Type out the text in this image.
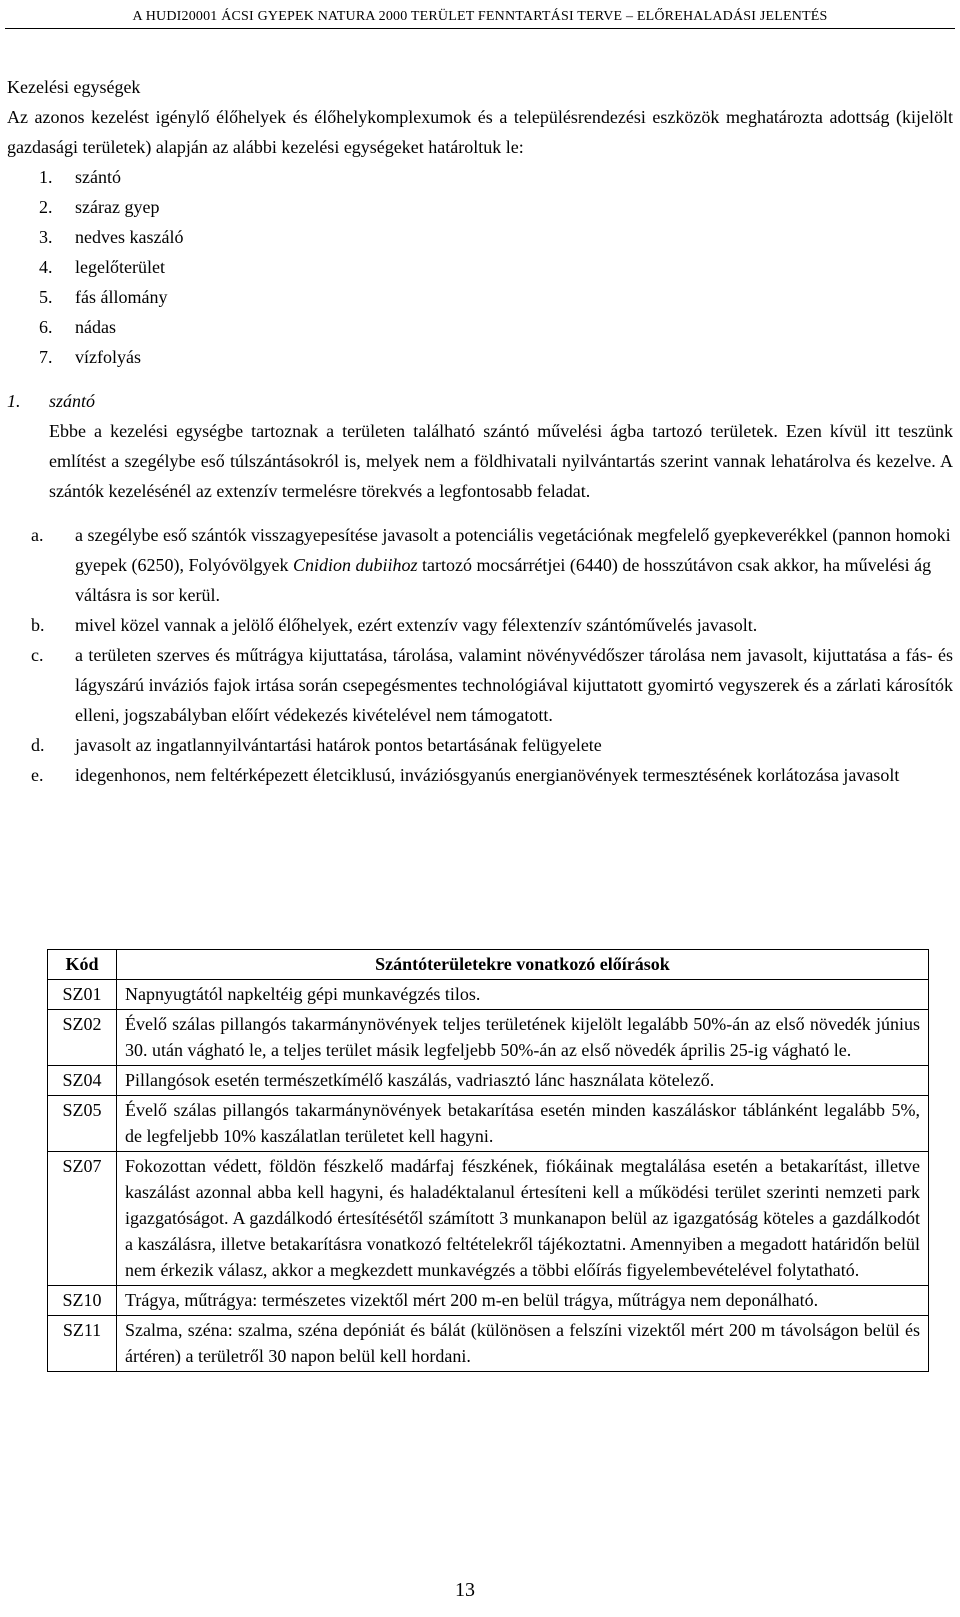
A HUDI20001 ÁCSI GYEPEK NATURA 2000 TERÜLET FENNTARTÁSI TERVE – ELŐREHALADÁSI JELENTÉS

Kezelési egységek

Az azonos kezelést igénylő élőhelyek és élőhelykomplexumok és a településrendezési eszközök meghatározta adottság (kijelölt gazdasági területek) alapján az alábbi kezelési egységeket határoltuk le:

1. szántó
2. száraz gyep
3. nedves kaszáló
4. legelőterület
5. fás állomány
6. nádas
7. vízfolyás

1. szántó

Ebbe a kezelési egységbe tartoznak a területen található szántó művelési ágba tartozó területek. Ezen kívül itt teszünk említést a szegélybe eső túlszántásokról is, melyek nem a földhivatali nyilvántartás szerint vannak lehatárolva és kezelve. A szántók kezelésénél az extenzív termelésre törekvés a legfontosabb feladat.

a.	a szegélybe eső szántók visszagyepesítése javasolt a potenciális vegetációnak megfelelő gyepkeverékkel (pannon homoki gyepek (6250), Folyóvölgyek Cnidion dubiihoz tartozó mocsárrétjei (6440) de hosszútávon csak akkor, ha művelési ág váltásra is sor kerül.
b.	mivel közel vannak a jelölő élőhelyek, ezért extenzív vagy félextenzív szántóművelés javasolt.
c.	a területen szerves és műtrágya kijuttatása, tárolása, valamint növényvédőszer tárolása nem javasolt, kijuttatása a fás- és lágyszárú inváziós fajok irtása során csepegésmentes technológiával kijuttatott gyomirtó vegyszerek és a zárlati károsítók elleni, jogszabályban előírt védekezés kivételével nem támogatott.
d.	javasolt az ingatlannyilvántartási határok pontos betartásának felügyelete
e.	idegenhonos, nem feltérképezett életciklusú, inváziósgyanús energianövények termesztésének korlátozása javasolt
Kód	Szántóterületekre vonatkozó előírások
SZ01	Napnyugtától napkeltéig gépi munkavégzés tilos.
SZ02	Évelő szálas pillangós takarmánynövények teljes területének kijelölt legalább 50%-án az első növedék június 30. után vágható le, a teljes terület másik legfeljebb 50%-án az első növedék április 25-ig vágható le.
SZ04	Pillangósok esetén természetkímélő kaszálás, vadriasztó lánc használata kötelező.
SZ05	Évelő szálas pillangós takarmánynövények betakarítása esetén minden kaszáláskor táblánként legalább 5%, de legfeljebb 10% kaszálatlan területet kell hagyni.
SZ07	Fokozottan védett, földön fészkelő madárfaj fészkének, fiókáinak megtalálása esetén a betakarítást, illetve kaszálást azonnal abba kell hagyni, és haladéktalanul értesíteni kell a működési terület szerinti nemzeti park igazgatóságot. A gazdálkodó értesítésétől számított 3 munkanapon belül az igazgatóság köteles a gazdálkodót a kaszálásra, illetve betakarításra vonatkozó feltételekről tájékoztatni. Amennyiben a megadott határidőn belül nem érkezik válasz, akkor a megkezdett munkavégzés a többi előírás figyelembevételével folytatható.
SZ10	Trágya, műtrágya: természetes vizektől mért 200 m-en belül trágya, műtrágya nem deponálható.
SZ11	Szalma, széna: szalma, széna depóniát és bálát (különösen a felszíni vizektől mért 200 m távolságon belül és ártéren) a területről 30 napon belül kell hordani.
13
